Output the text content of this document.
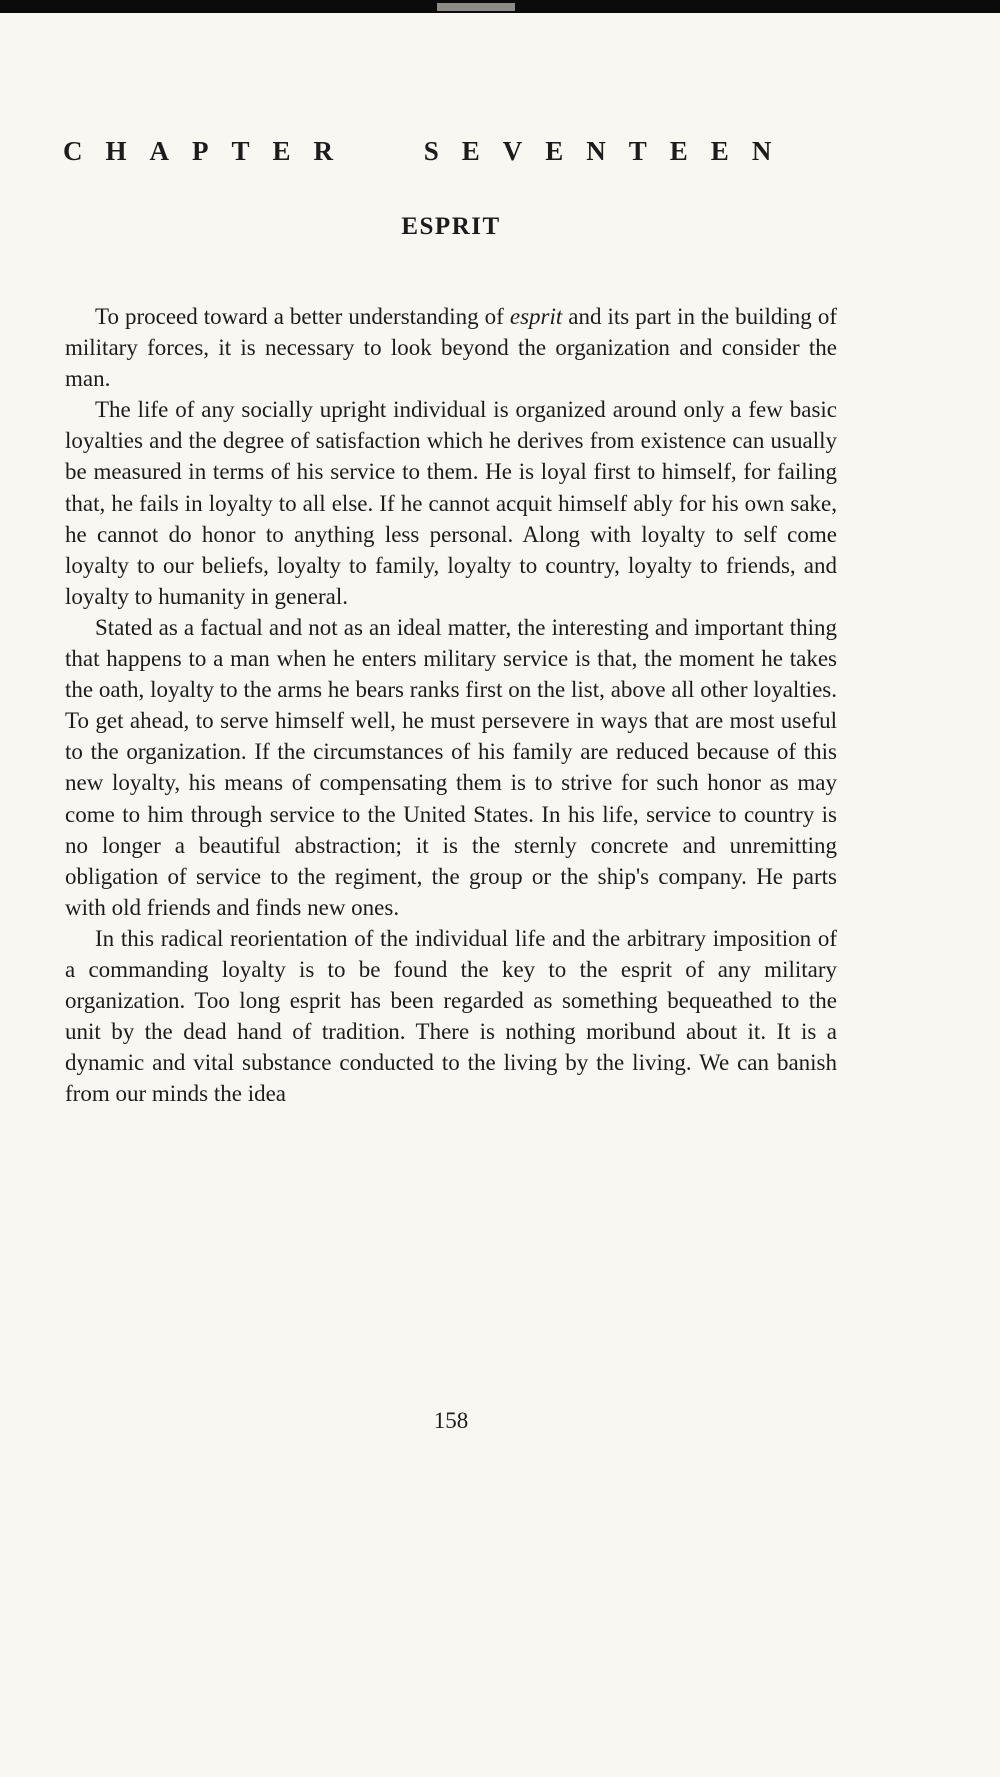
CHAPTER SEVENTEEN
ESPRIT

To proceed toward a better understanding of esprit and its part in the building of military forces, it is necessary to look beyond the organization and consider the man.

The life of any socially upright individual is organized around only a few basic loyalties and the degree of satisfaction which he derives from existence can usually be measured in terms of his service to them. He is loyal first to himself, for failing that, he fails in loyalty to all else. If he cannot acquit himself ably for his own sake, he cannot do honor to anything less personal. Along with loyalty to self come loyalty to our beliefs, loyalty to family, loyalty to country, loyalty to friends, and loyalty to humanity in general.

Stated as a factual and not as an ideal matter, the interesting and important thing that happens to a man when he enters military service is that, the moment he takes the oath, loyalty to the arms he bears ranks first on the list, above all other loyalties. To get ahead, to serve himself well, he must persevere in ways that are most useful to the organization. If the circumstances of his family are reduced because of this new loyalty, his means of compensating them is to strive for such honor as may come to him through service to the United States. In his life, service to country is no longer a beautiful abstraction; it is the sternly concrete and unremitting obligation of service to the regiment, the group or the ship's company. He parts with old friends and finds new ones.

In this radical reorientation of the individual life and the arbitrary imposition of a commanding loyalty is to be found the key to the esprit of any military organization. Too long esprit has been regarded as something bequeathed to the unit by the dead hand of tradition. There is nothing moribund about it. It is a dynamic and vital substance conducted to the living by the living. We can banish from our minds the idea

158
